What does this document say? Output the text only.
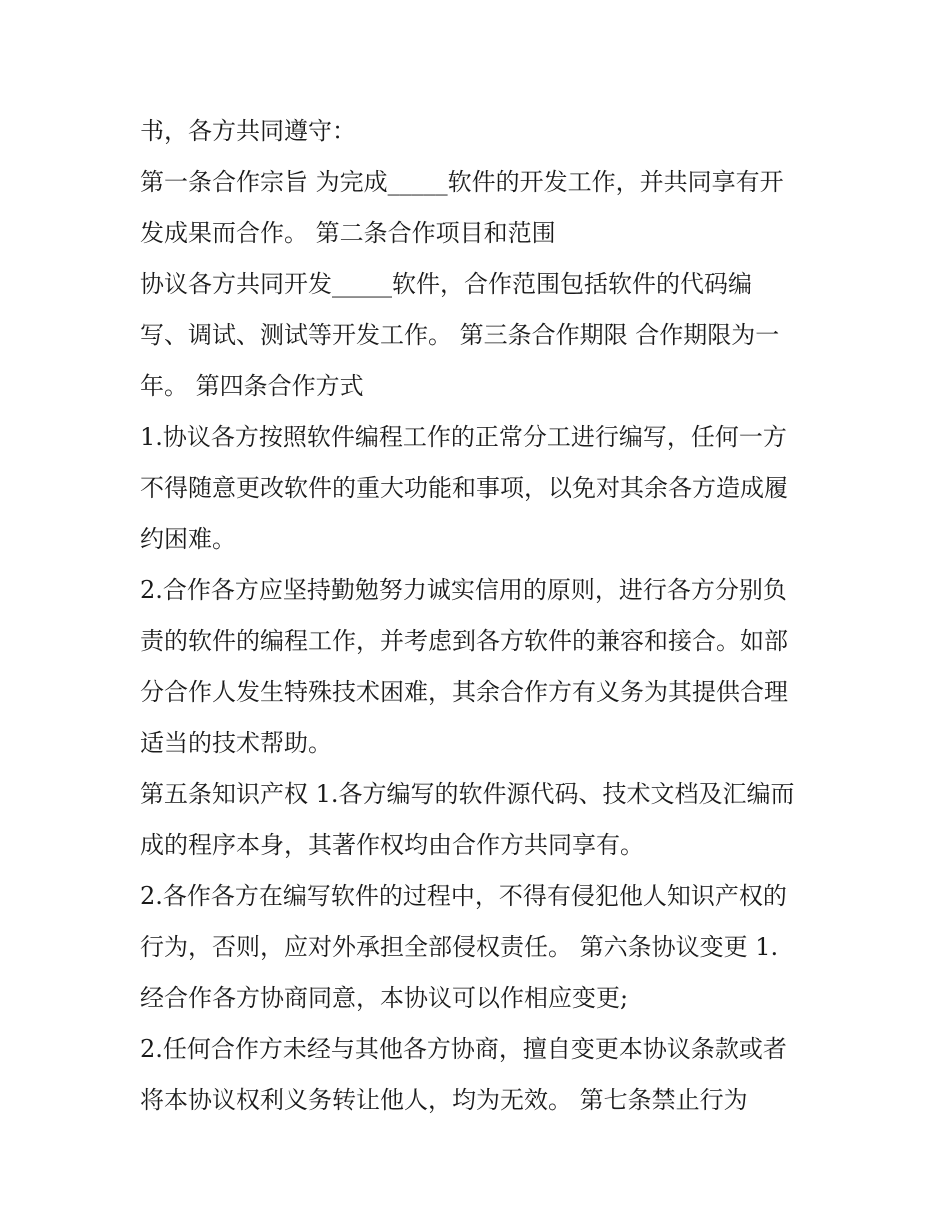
书，各方共同遵守：
第一条合作宗旨 为完成_____软件的开发工作，并共同享有开
发成果而合作。 第二条合作项目和范围
协议各方共同开发_____软件，合作范围包括软件的代码编
写、调试、测试等开发工作。 第三条合作期限 合作期限为一
年。 第四条合作方式
1.协议各方按照软件编程工作的正常分工进行编写，任何一方
不得随意更改软件的重大功能和事项，以免对其余各方造成履
约困难。
2.合作各方应坚持勤勉努力诚实信用的原则，进行各方分别负
责的软件的编程工作，并考虑到各方软件的兼容和接合。如部
分合作人发生特殊技术困难，其余合作方有义务为其提供合理
适当的技术帮助。
第五条知识产权 1.各方编写的软件源代码、技术文档及汇编而
成的程序本身，其著作权均由合作方共同享有。
2.各作各方在编写软件的过程中，不得有侵犯他人知识产权的
行为，否则，应对外承担全部侵权责任。 第六条协议变更 1.
经合作各方协商同意，本协议可以作相应变更;
2.任何合作方未经与其他各方协商，擅自变更本协议条款或者
将本协议权利义务转让他人，均为无效。 第七条禁止行为
